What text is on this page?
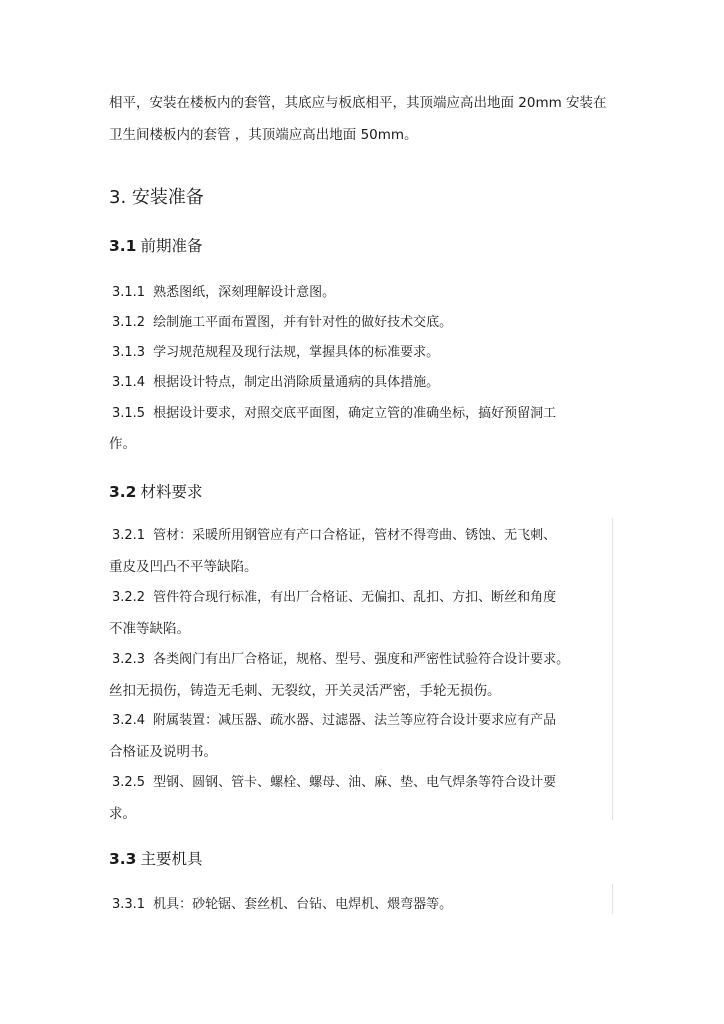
相平，安装在楼板内的套管，其底应与板底相平，其顶端应高出地面 20mm 安装在
卫生间楼板内的套管 ，其顶端应高出地面 50mm。
3. 安装准备
3.1 前期准备
3.1.1 熟悉图纸，深刻理解设计意图。
3.1.2 绘制施工平面布置图，并有针对性的做好技术交底。
3.1.3 学习规范规程及现行法规，掌握具体的标准要求。
3.1.4 根据设计特点，制定出消除质量通病的具体措施。
3.1.5 根据设计要求，对照交底平面图，确定立管的准确坐标，搞好预留洞工
作。
3.2 材料要求
3.2.1 管材：采暖所用钢管应有产口合格证，管材不得弯曲、锈蚀、无飞刺、
重皮及凹凸不平等缺陷。
3.2.2 管件符合现行标准，有出厂合格证、无偏扣、乱扣、方扣、断丝和角度
不准等缺陷。
3.2.3 各类阀门有出厂合格证，规格、型号、强度和严密性试验符合设计要求。
丝扣无损伤，铸造无毛刺、无裂纹，开关灵活严密，手轮无损伤。
3.2.4 附属装置：减压器、疏水器、过滤器、法兰等应符合设计要求应有产品
合格证及说明书。
3.2.5 型钢、圆钢、管卡、螺栓、螺母、油、麻、垫、电气焊条等符合设计要
求。
3.3 主要机具
3.3.1 机具：砂轮锯、套丝机、台钻、电焊机、煨弯器等。
